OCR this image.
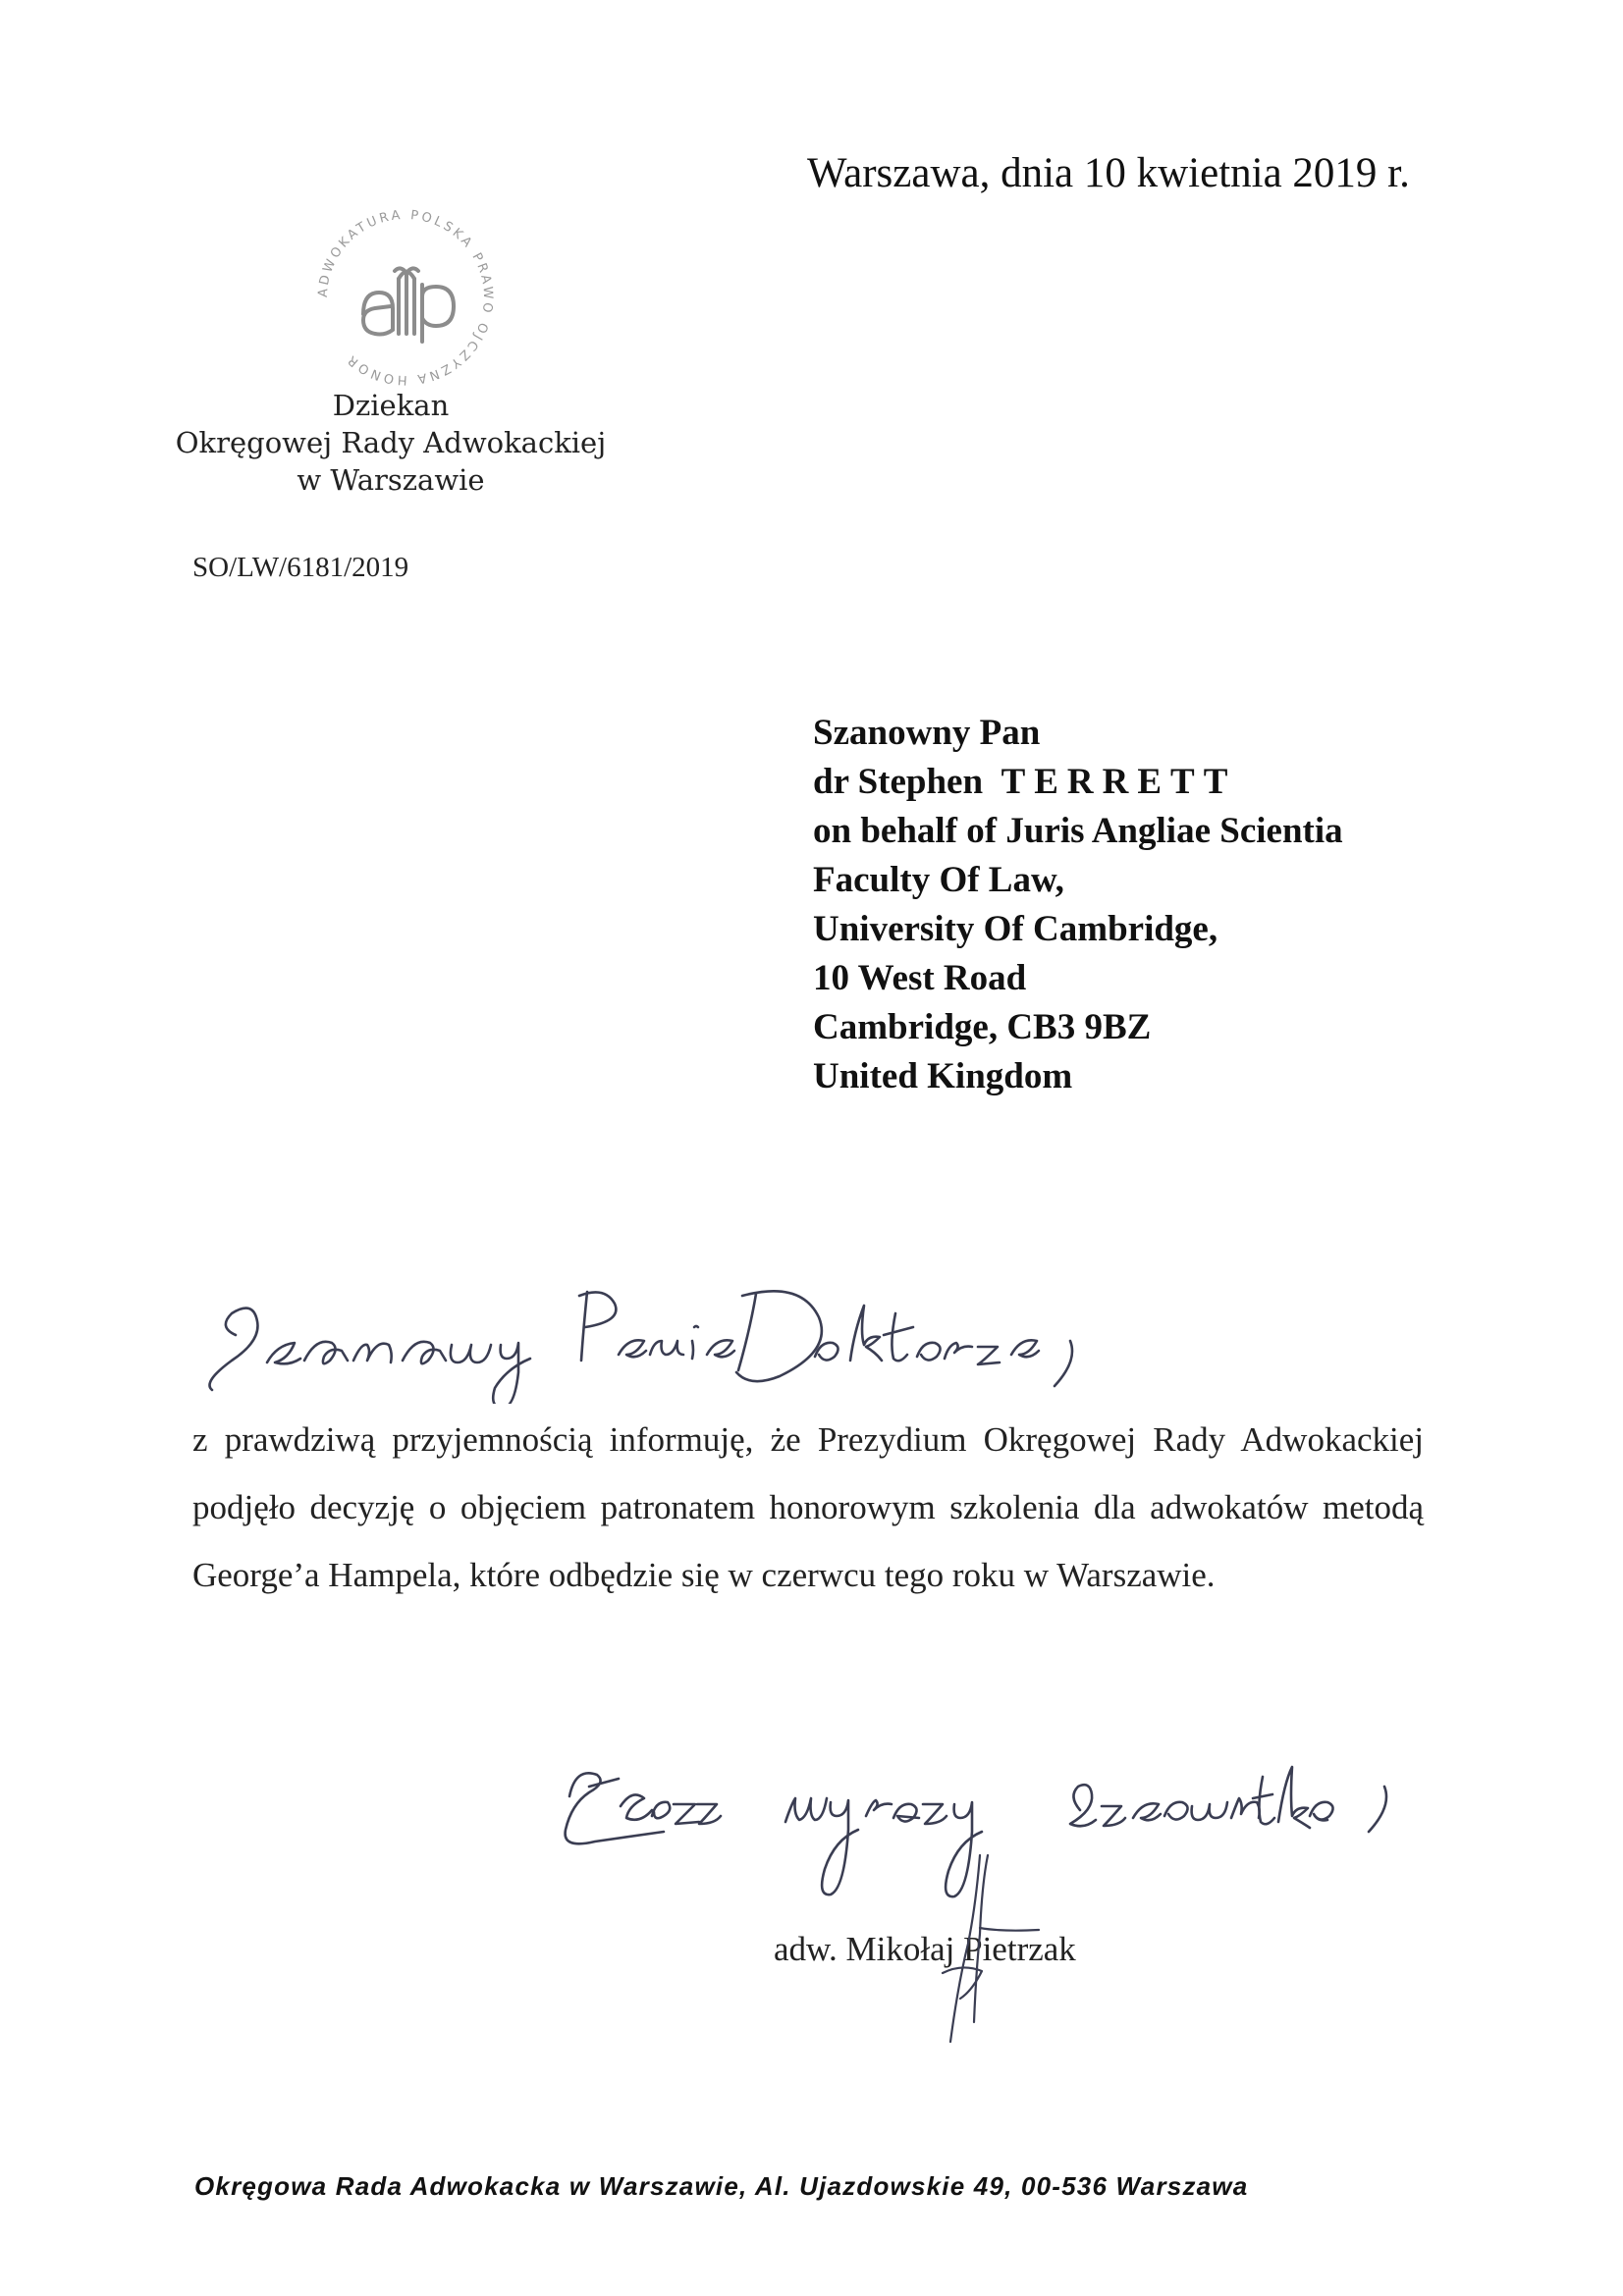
Warszawa, dnia 10 kwietnia 2019 r.
ADWOKATURA POLSKA PRAWO OJCZYZNA HONOR
Dziekan
Okręgowej Rady Adwokackiej
w Warszawie
SO/LW/6181/2019
Szanowny Pan
dr Stephen TERRETT
on behalf of Juris Angliae Scientia
Faculty Of Law,
University Of Cambridge,
10 West Road
Cambridge, CB3 9BZ
United Kingdom
z prawdziwą przyjemnością informuję, że Prezydium Okręgowej Rady Adwokackiej podjęło decyzję o objęciem patronatem honorowym szkolenia dla adwokatów metodą George’a Hampela, które odbędzie się w czerwcu tego roku w Warszawie.
adw. Mikołaj Pietrzak
Okręgowa Rada Adwokacka w Warszawie, Al. Ujazdowskie 49, 00-536 Warszawa
